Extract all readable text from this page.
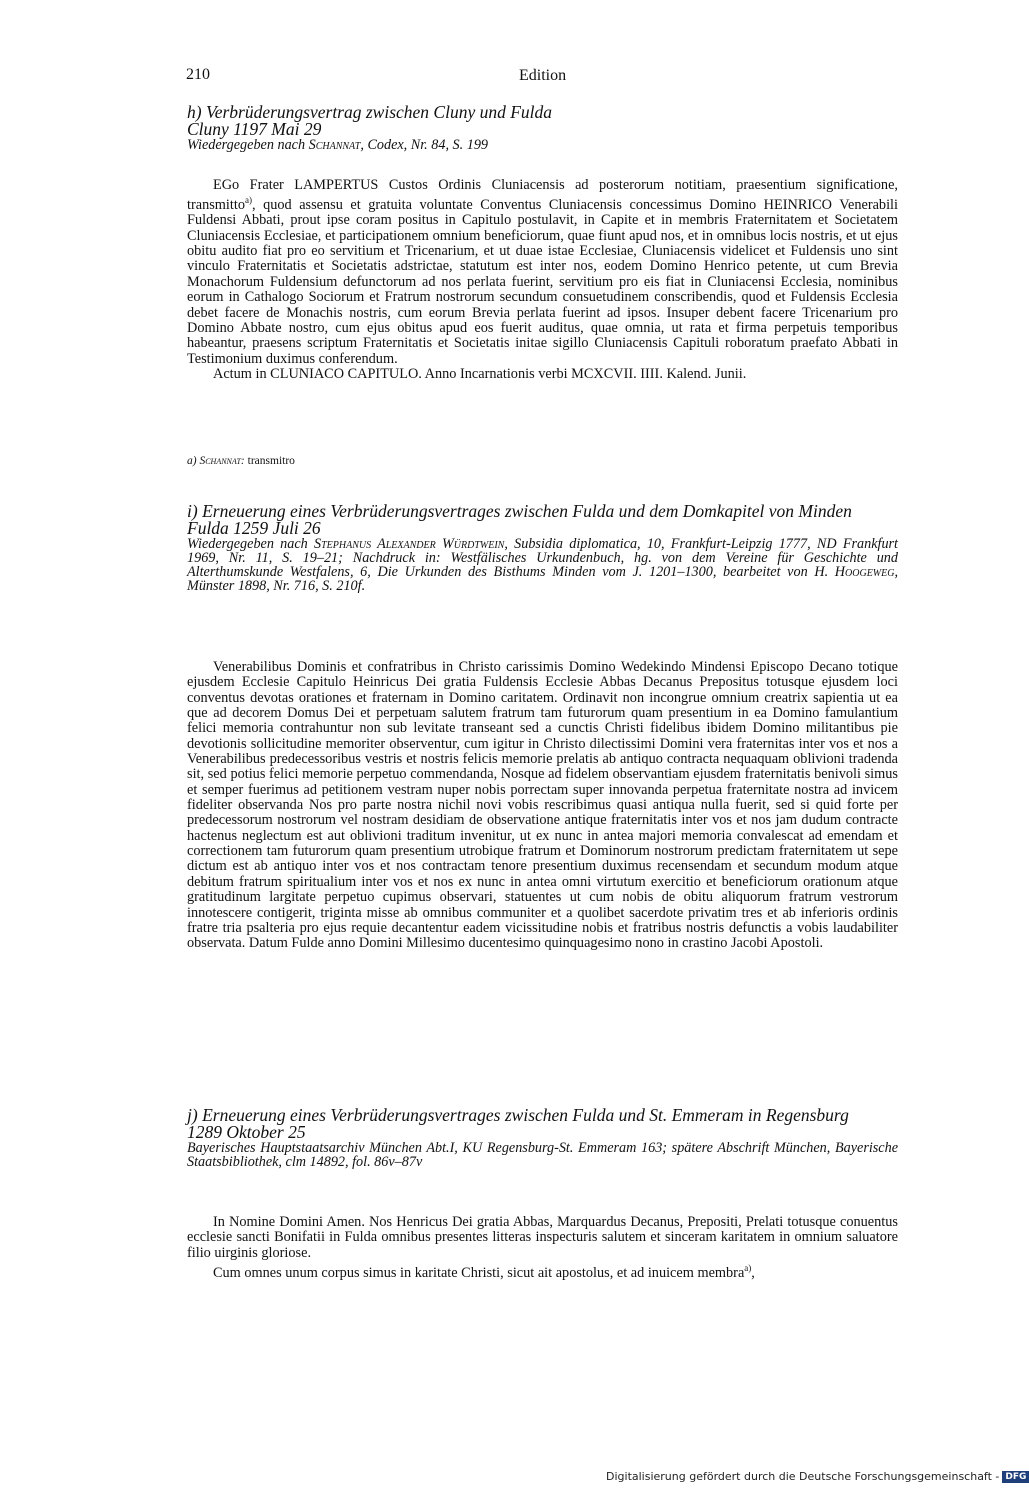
210	Edition
h) Verbrüderungsvertrag zwischen Cluny und Fulda
Cluny 1197 Mai 29
Wiedergegeben nach Schannat, Codex, Nr. 84, S. 199

EGo Frater LAMPERTUS Custos Ordinis Cluniacensis ad posterorum notitiam, praesentium significatione, transmitto$^{a)}$, quod assensu et gratuita voluntate Conventus Cluniacensis concessimus Domino HEINRICO Venerabili Fuldensi Abbati, prout ipse coram positus in Capitulo postulavit, in Capite et in membris Fraternitatem et Societatem Cluniacensis Ecclesiae, et participationem omnium beneficiorum, quae fiunt apud nos, et in omnibus locis nostris, et ut ejus obitu audito fiat pro eo servitium et Tricenarium, et ut duae istae Ecclesiae, Cluniacensis videlicet et Fuldensis uno sint vinculo Fraternitatis et Societatis adstrictae, statutum est inter nos, eodem Domino Henrico petente, ut cum Brevia Monachorum Fuldensium defunctorum ad nos perlata fuerint, servitium pro eis fiat in Cluniacensi Ecclesia, nominibus eorum in Cathalogo Sociorum et Fratrum nostrorum secundum consuetudinem conscribendis, quod et Fuldensis Ecclesia debet facere de Monachis nostris, cum eorum Brevia perlata fuerint ad ipsos. Insuper debent facere Tricenarium pro Domino Abbate nostro, cum ejus obitus apud eos fuerit auditus, quae omnia, ut rata et firma perpetuis temporibus habeantur, praesens scriptum Fraternitatis et Societatis initae sigillo Cluniacensis Capituli roboratum praefato Abbati in Testimonium duximus conferendum.

Actum in CLUNIACO CAPITULO. Anno Incarnationis verbi MCXCVII. IIII. Kalend. Junii.

a) Schannat: transmitro
i) Erneuerung eines Verbrüderungsvertrages zwischen Fulda und dem Domkapitel von Minden
Fulda 1259 Juli 26
Wiedergegeben nach Stephanus Alexander Würdtwein, Subsidia diplomatica, 10, Frankfurt-Leipzig 1777, ND Frankfurt 1969, Nr. 11, S. 19–21; Nachdruck in: Westfälisches Urkundenbuch, hg. von dem Vereine für Geschichte und Alterthumskunde Westfalens, 6, Die Urkunden des Bisthums Minden vom J. 1201–1300, bearbeitet von H. Hoogeweg, Münster 1898, Nr. 716, S. 210f.

Venerabilibus Dominis et confratribus in Christo carissimis Domino Wedekindo Mindensi Episcopo Decano totique ejusdem Ecclesie Capitulo Heinricus Dei gratia Fuldensis Ecclesie Abbas Decanus Prepositus totusque ejusdem loci conventus devotas orationes et fraternam in Domino caritatem. Ordinavit non incongrue omnium creatrix sapientia ut ea que ad decorem Domus Dei et perpetuam salutem fratrum tam futurorum quam presentium in ea Domino famulantium felici memoria contrahuntur non sub levitate transeant sed a cunctis Christi fidelibus ibidem Domino militantibus pie devotionis sollicitudine memoriter observentur, cum igitur in Christo dilectissimi Domini vera fraternitas inter vos et nos a Venerabilibus predecessoribus vestris et nostris felicis memorie prelatis ab antiquo contracta nequaquam oblivioni tradenda sit, sed potius felici memorie perpetuo commendanda, Nosque ad fidelem observantiam ejusdem fraternitatis benivoli simus et semper fuerimus ad petitionem vestram nuper nobis porrectam super innovanda perpetua fraternitate nostra ad invicem fideliter observanda Nos pro parte nostra nichil novi vobis rescribimus quasi antiqua nulla fuerit, sed si quid forte per predecessorum nostrorum vel nostram desidiam de observatione antique fraternitatis inter vos et nos jam dudum contracte hactenus neglectum est aut oblivioni traditum invenitur, ut ex nunc in antea majori memoria convalescat ad emendam et correctionem tam futurorum quam presentium utrobique fratrum et Dominorum nostrorum predictam fraternitatem ut sepe dictum est ab antiquo inter vos et nos contractam tenore presentium duximus recensendam et secundum modum atque debitum fratrum spiritualium inter vos et nos ex nunc in antea omni virtutum exercitio et beneficiorum orationum atque gratitudinum largitate perpetuo cupimus observari, statuentes ut cum nobis de obitu aliquorum fratrum vestrorum innotescere contigerit, triginta misse ab omnibus communiter et a quolibet sacerdote privatim tres et ab inferioris ordinis fratre tria psalteria pro ejus requie decantentur eadem vicissitudine nobis et fratribus nostris defunctis a vobis laudabiliter observata. Datum Fulde anno Domini Millesimo ducentesimo quinquagesimo nono in crastino Jacobi Apostoli.

j) Erneuerung eines Verbrüderungsvertrages zwischen Fulda und St. Emmeram in Regensburg
1289 Oktober 25
Bayerisches Hauptstaatsarchiv München Abt.I, KU Regensburg-St. Emmeram 163; spätere Abschrift München, Bayerische Staatsbibliothek, clm 14892, fol. 86v–87v

In Nomine Domini Amen. Nos Henricus Dei gratia Abbas, Marquardus Decanus, Prepositi, Prelati totusque conuentus ecclesie sancti Bonifatii in Fulda omnibus presentes litteras inspecturis salutem et sinceram karitatem in omnium saluatore filio uirginis gloriose.

Cum omnes unum corpus simus in karitate Christi, sicut ait apostolus, et ad inuicem membra$^{a)}$,

Digitalisierung gefördert durch die Deutsche Forschungsgemeinschaft - DFG
